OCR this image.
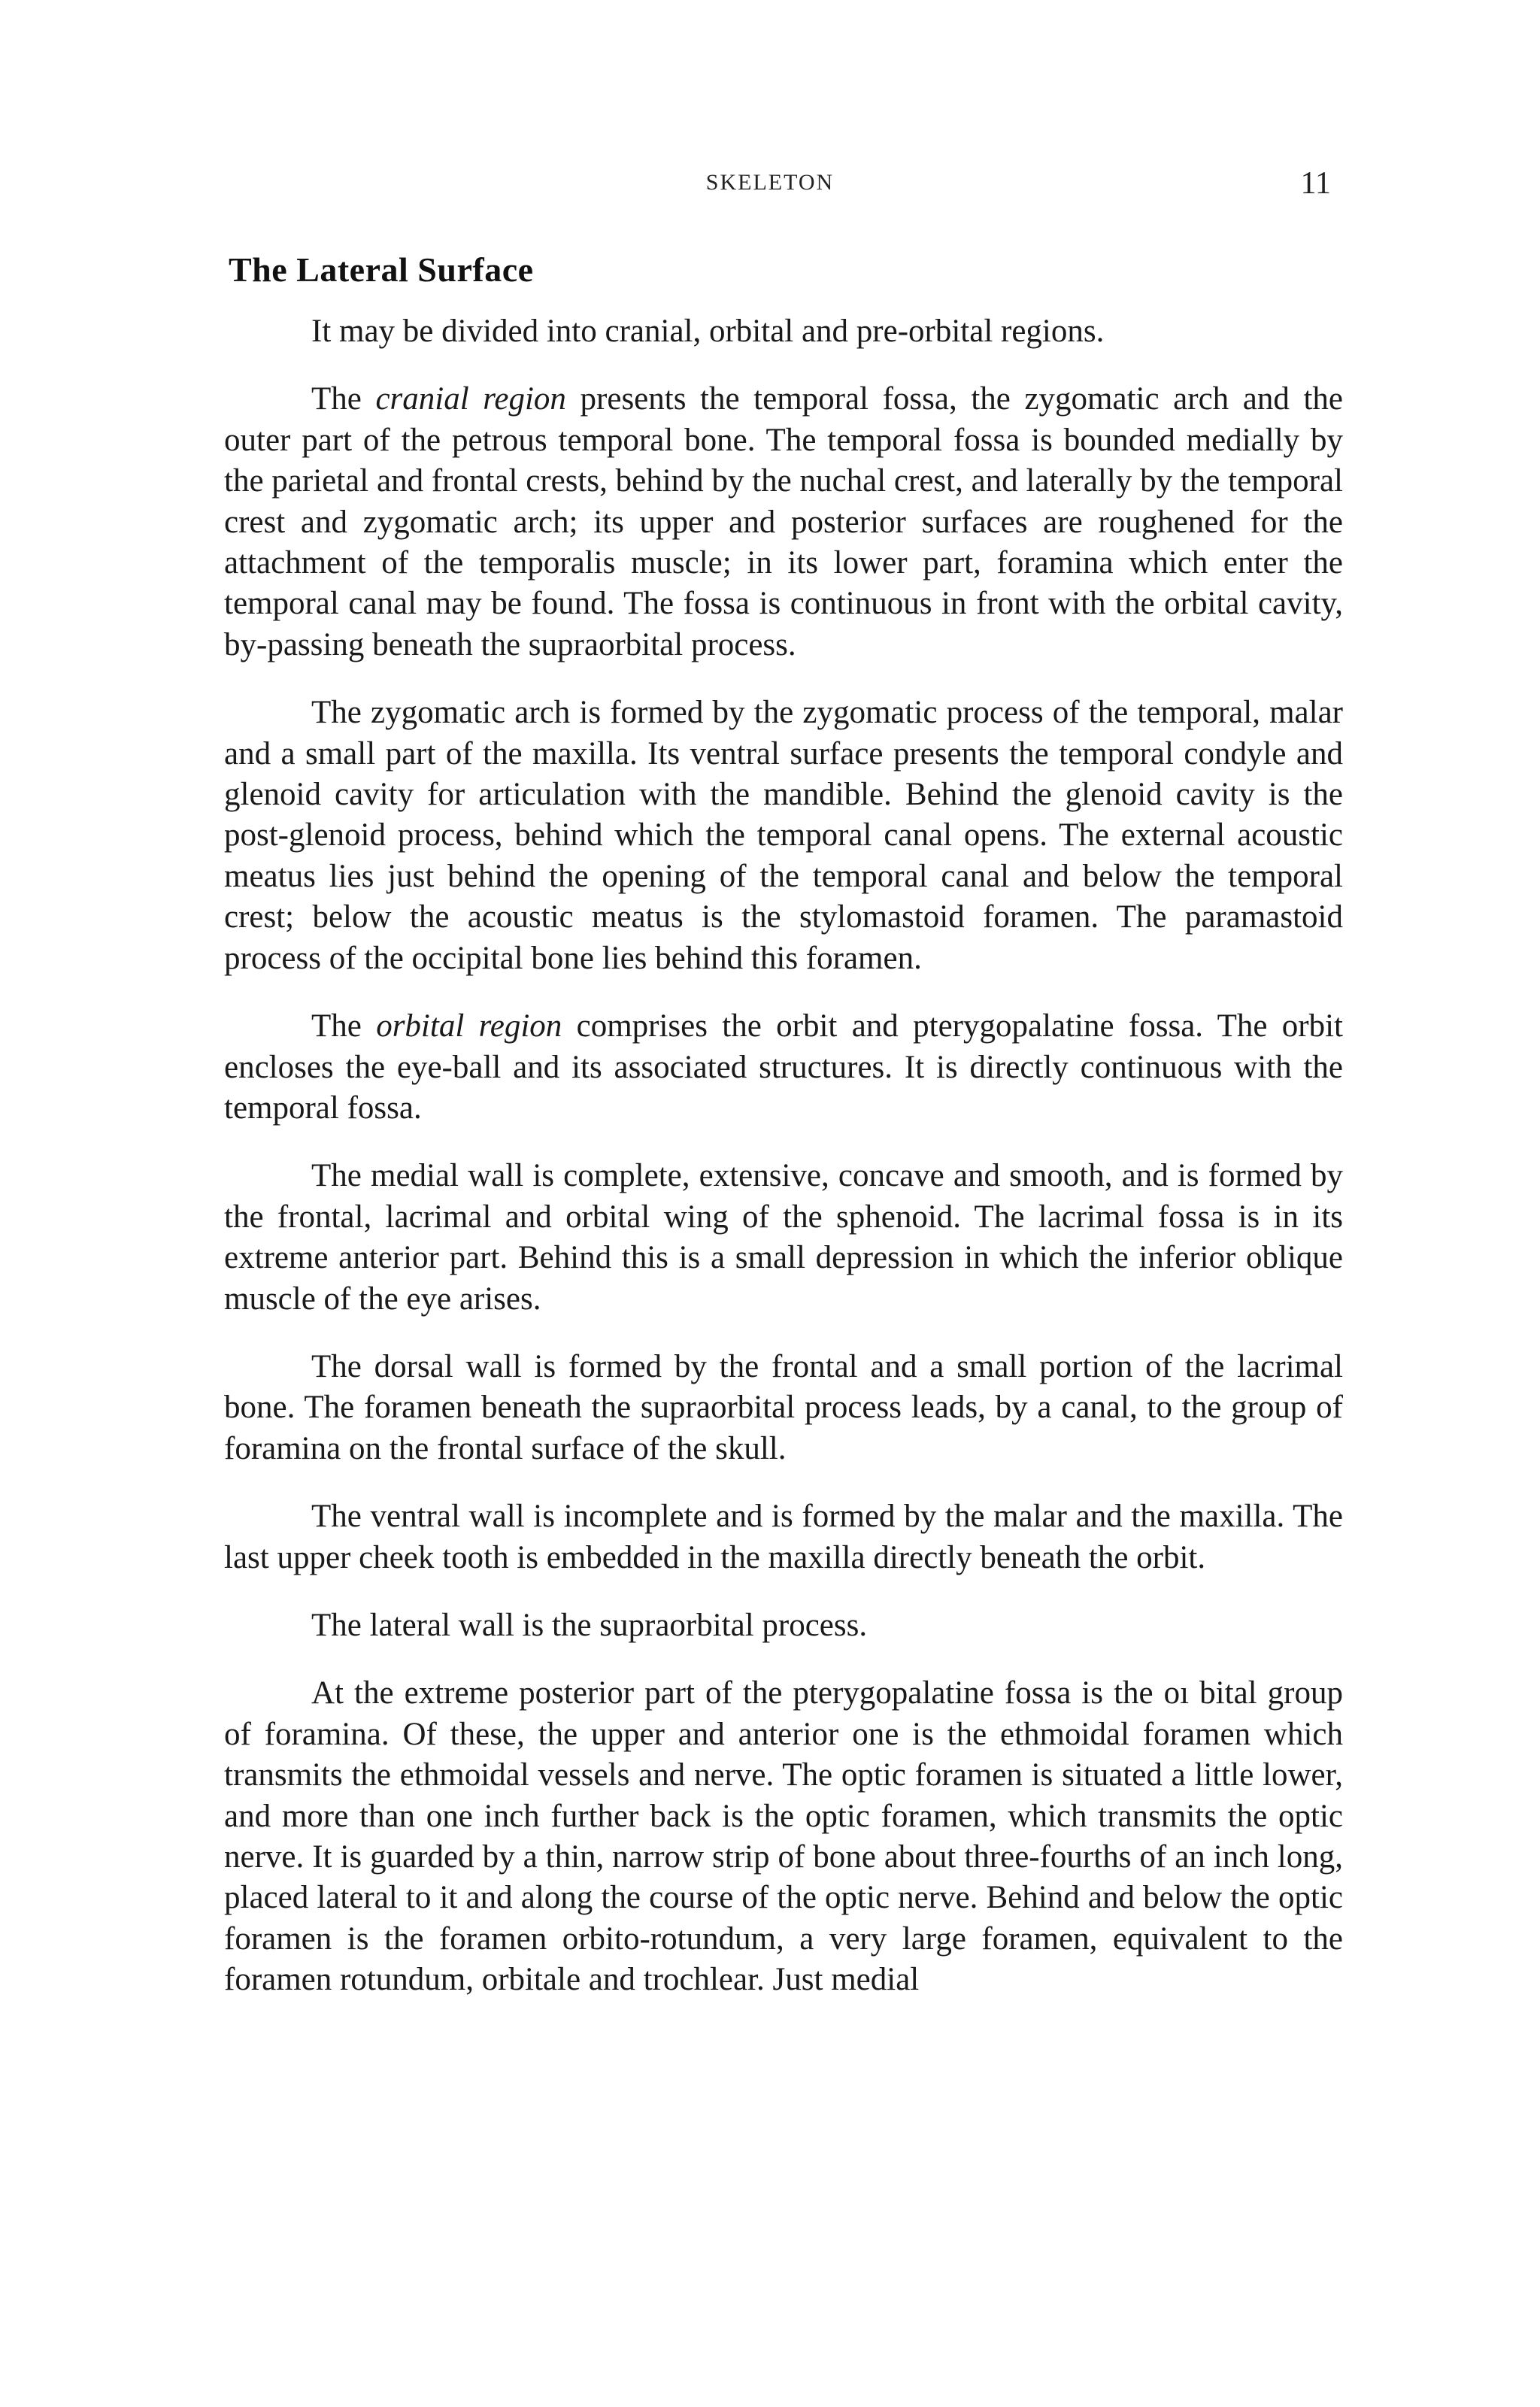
SKELETON	11
The Lateral Surface

It may be divided into cranial, orbital and pre-orbital regions.

The cranial region presents the temporal fossa, the zygomatic arch and the outer part of the petrous temporal bone. The temporal fossa is bounded medially by the parietal and frontal crests, behind by the nuchal crest, and laterally by the temporal crest and zygomatic arch; its upper and posterior surfaces are roughened for the attachment of the temporalis muscle; in its lower part, foramina which enter the temporal canal may be found. The fossa is continuous in front with the orbital cavity, by-passing beneath the supraorbital process.

The zygomatic arch is formed by the zygomatic process of the temporal, malar and a small part of the maxilla. Its ventral surface presents the temporal condyle and glenoid cavity for articulation with the mandible. Behind the glenoid cavity is the post-glenoid process, behind which the temporal canal opens. The external acoustic meatus lies just behind the opening of the temporal canal and below the temporal crest; below the acoustic meatus is the stylomastoid foramen. The paramastoid process of the occipital bone lies behind this foramen.

The orbital region comprises the orbit and pterygopalatine fossa. The orbit encloses the eye-ball and its associated structures. It is directly continuous with the temporal fossa.

The medial wall is complete, extensive, concave and smooth, and is formed by the frontal, lacrimal and orbital wing of the sphenoid. The lacrimal fossa is in its extreme anterior part. Behind this is a small depression in which the inferior oblique muscle of the eye arises.

The dorsal wall is formed by the frontal and a small portion of the lacrimal bone. The foramen beneath the supraorbital process leads, by a canal, to the group of foramina on the frontal surface of the skull.

The ventral wall is incomplete and is formed by the malar and the maxilla. The last upper cheek tooth is embedded in the maxilla directly beneath the orbit.

The lateral wall is the supraorbital process.

At the extreme posterior part of the pterygopalatine fossa is the oı bital group of foramina. Of these, the upper and anterior one is the ethmoidal foramen which transmits the ethmoidal vessels and nerve. The optic foramen is situated a little lower, and more than one inch further back is the optic foramen, which transmits the optic nerve. It is guarded by a thin, narrow strip of bone about three-fourths of an inch long, placed lateral to it and along the course of the optic nerve. Behind and below the optic foramen is the foramen orbito-rotundum, a very large foramen, equivalent to the foramen rotundum, orbitale and trochlear. Just medial
